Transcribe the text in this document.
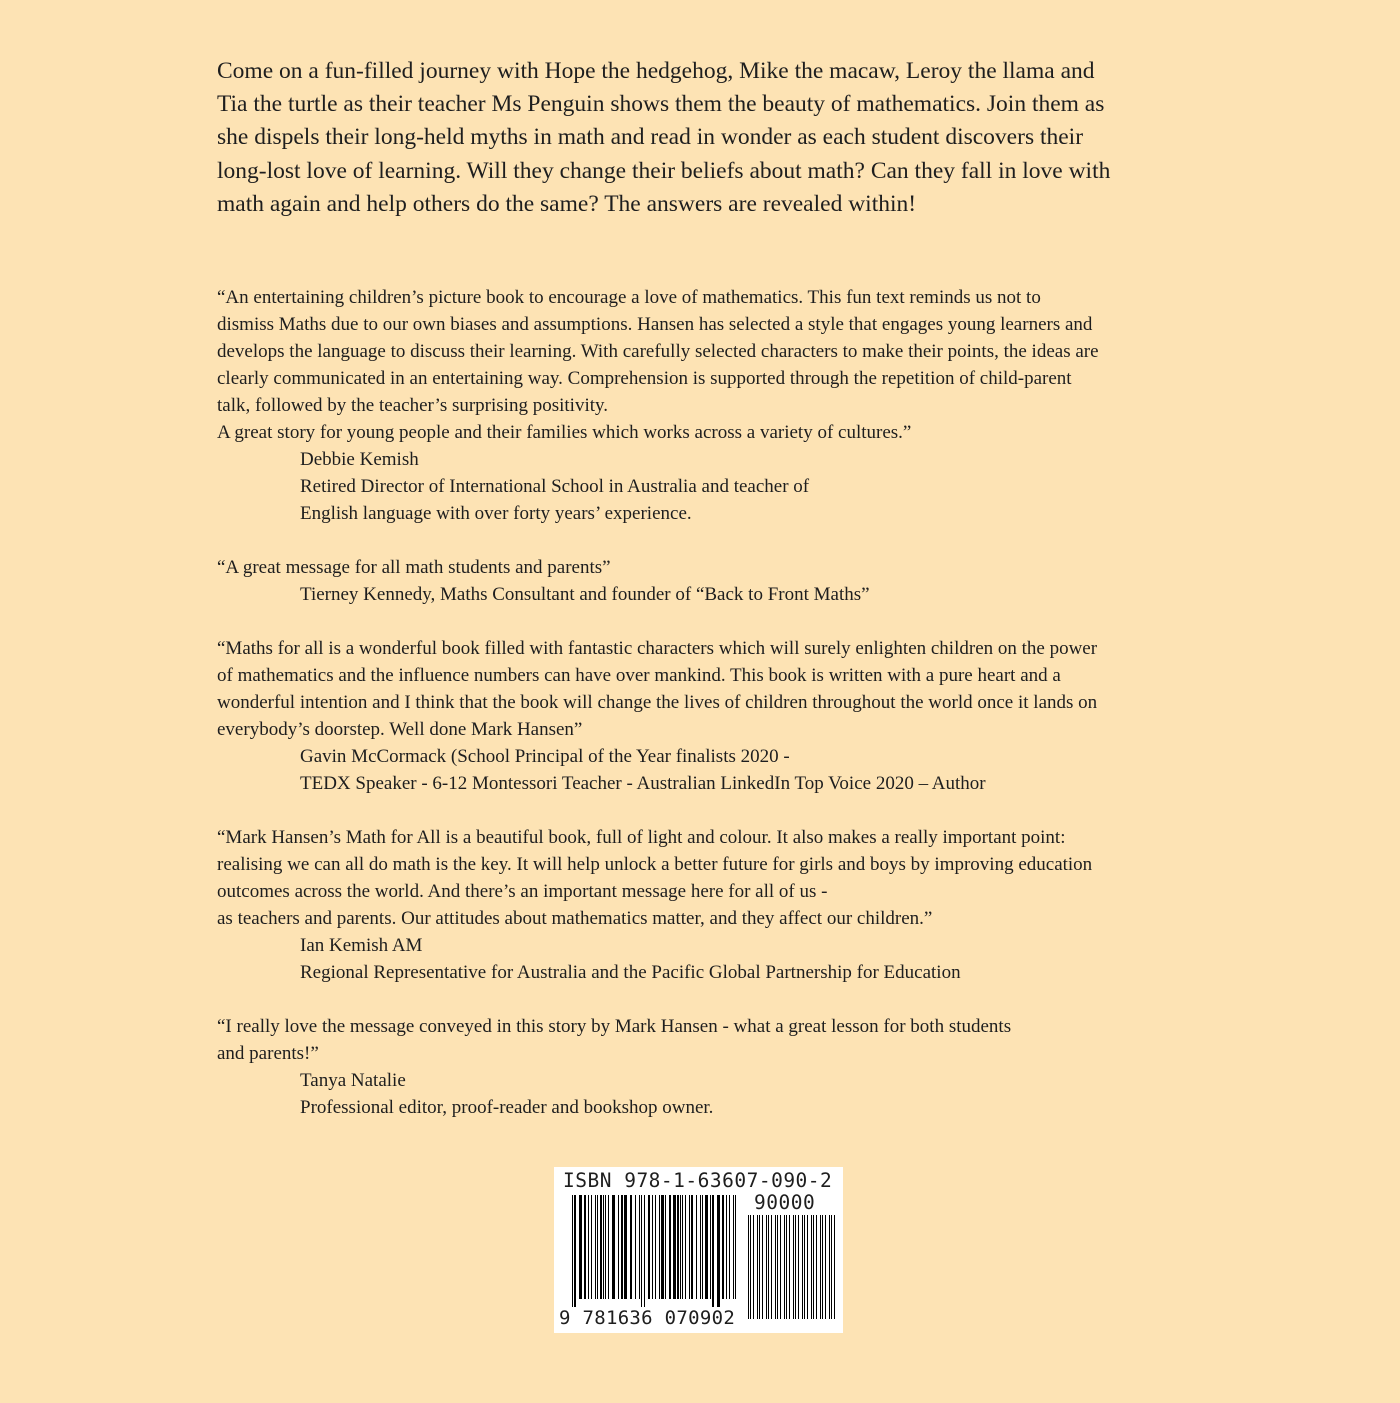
Come on a fun-filled journey with Hope the hedgehog, Mike the macaw, Leroy the llama and
Tia the turtle as their teacher Ms Penguin shows them the beauty of mathematics. Join them as
she dispels their long-held myths in math and read in wonder as each student discovers their
long-lost love of learning. Will they change their beliefs about math? Can they fall in love with
math again and help others do the same? The answers are revealed within!
“An entertaining children’s picture book to encourage a love of mathematics. This fun text reminds us not to
dismiss Maths due to our own biases and assumptions. Hansen has selected a style that engages young learners and
develops the language to discuss their learning. With carefully selected characters to make their points, the ideas are
clearly communicated in an entertaining way. Comprehension is supported through the repetition of child-parent
talk, followed by the teacher’s surprising positivity.
A great story for young people and their families which works across a variety of cultures.”
Debbie Kemish
Retired Director of International School in Australia and teacher of
English language with over forty years’ experience.
“A great message for all math students and parents”
Tierney Kennedy, Maths Consultant and founder of “Back to Front Maths”
“Maths for all is a wonderful book filled with fantastic characters which will surely enlighten children on the power
of mathematics and the influence numbers can have over mankind. This book is written with a pure heart and a
wonderful intention and I think that the book will change the lives of children throughout the world once it lands on
everybody’s doorstep. Well done Mark Hansen”
Gavin McCormack (School Principal of the Year finalists 2020 -
TEDX Speaker - 6-12 Montessori Teacher - Australian LinkedIn Top Voice 2020 – Author
“Mark Hansen’s Math for All is a beautiful book, full of light and colour. It also makes a really important point:
realising we can all do math is the key. It will help unlock a better future for girls and boys by improving education
outcomes across the world. And there’s an important message here for all of us -
as teachers and parents. Our attitudes about mathematics matter, and they affect our children.”
Ian Kemish AM
Regional Representative for Australia and the Pacific Global Partnership for Education
“I really love the message conveyed in this story by Mark Hansen - what a great lesson for both students
and parents!”
Tanya Natalie
Professional editor, proof-reader and bookshop owner.
ISBN 978-1-63607-090-2
90000
9 781636 070902
